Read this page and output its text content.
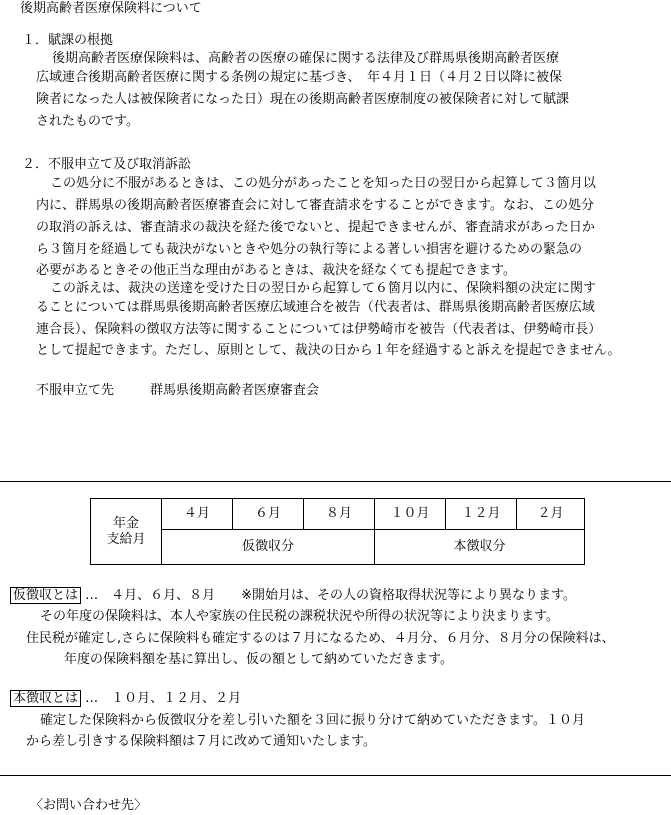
後期高齢者医療保険料について
１．賦課の根拠
後期高齢者医療保険料は、高齢者の医療の確保に関する法律及び群馬県後期高齢者医療
広域連合後期高齢者医療に関する条例の規定に基づき、　年４月１日（４月２日以降に被保
険者になった人は被保険者になった日）現在の後期高齢者医療制度の被保険者に対して賦課
されたものです。
２．不服申立て及び取消訴訟
この処分に不服があるときは、この処分があったことを知った日の翌日から起算して３箇月以
内に、群馬県の後期高齢者医療審査会に対して審査請求をすることができます。なお、この処分
の取消の訴えは、審査請求の裁決を経た後でないと、提起できませんが、審査請求があった日か
ら３箇月を経過しても裁決がないときや処分の執行等による著しい損害を避けるための緊急の
必要があるときその他正当な理由があるときは、裁決を経なくても提起できます。
この訴えは、裁決の送達を受けた日の翌日から起算して６箇月以内に、保険料額の決定に関す
ることについては群馬県後期高齢者医療広域連合を被告（代表者は、群馬県後期高齢者医療広域
連合長）、保険料の徴収方法等に関することについては伊勢崎市を被告（代表者は、伊勢崎市長）
として提起できます。ただし、原則として、裁決の日から１年を経過すると訴えを提起できません。
不服申立て先	群馬県後期高齢者医療審査会
年金
支給月	４月	６月	８月	１０月	１２月	２月
	仮徴収分			本徴収分		
仮徴収とは …　４月、６月、８月　　※開始月は、その人の資格取得状況等により異なります。
その年度の保険料は、本人や家族の住民税の課税状況や所得の状況等により決まります。
住民税が確定し,さらに保険料も確定するのは７月になるため、４月分、６月分、８月分の保険料は、
年度の保険料額を基に算出し、仮の額として納めていただきます。
本徴収とは …　１０月、１２月、２月
確定した保険料から仮徴収分を差し引いた額を３回に振り分けて納めていただきます。１０月
から差し引きする保険料額は７月に改めて通知いたします。
〈お問い合わせ先〉
